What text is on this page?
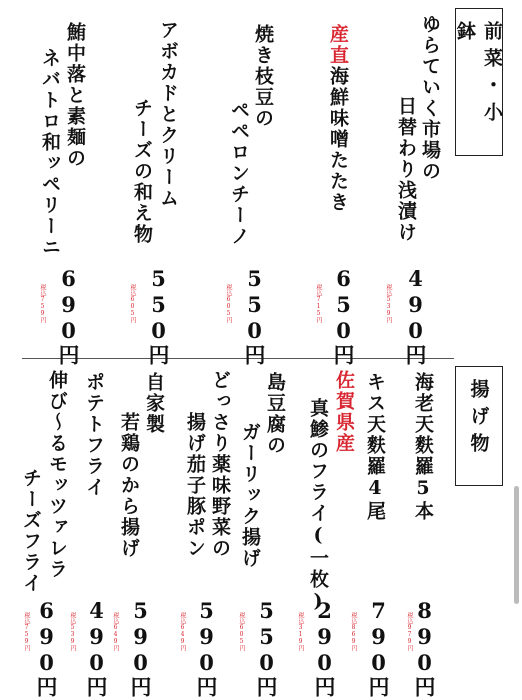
前菜・小鉢
揚げ物
ゆらていく市場の
日替わり浅漬け
税込539円 490円
産直海鮮味噌たたき
税込715円 650円
焼き枝豆の
ペペロンチーノ
税込605円 550円
アボカドとクリーム
チーズの和え物
税込605円 550円
鮪中落と素麺の
ネバトロ和ッペリーニ
税込759円 690円
海老天麩羅5本
税込979円 890円
キス天麩羅4尾
税込869円 790円
佐賀県産
真鯵のフライ(一枚)
税込319円 290円
島豆腐の
ガーリック揚げ
税込605円 550円
どっさり薬味野菜の
揚げ茄子豚ポン
税込649円 590円
自家製
若鶏のから揚げ
税込649円 590円
ポテトフライ
税込539円 490円
伸び〜るモッツァレラ
チーズフライ
税込759円 690円
